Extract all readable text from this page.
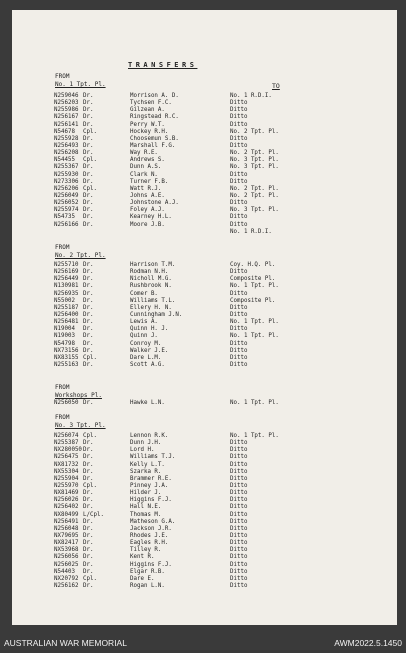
TRANSFERS
TO
FROM
No. 1 Tpt. Pl.
N259046 Dr.	Morrison A. D.	No. 1 R.D.I.
N256203 Dr.	Tychsen F.C.	Ditto
N255986 Dr.	Gilzean A.	Ditto
N256167 Dr.	Ringstead R.C.	Ditto
N256141 Dr.	Perry W.T.	Ditto
N54678 Cpl.	Hockey R.H.	No. 2 Tpt. Pl.
N255928 Dr.	Choosemun S.B.	Ditto
N256493 Dr.	Marshall F.G.	Ditto
N256208 Dr.	Way R.E.	No. 2 Tpt. Pl.
N54455 Cpl.	Andrews S.	No. 3 Tpt. Pl.
N255367 Dr.	Dunn A.S.	No. 3 Tpt. Pl.
N255930 Dr.	Clark N.	Ditto
N273306 Dr.	Turner F.B.	Ditto
N256206 Cpl.	Watt R.J.	No. 2 Tpt. Pl.
N256049 Dr.	Johns A.E.	No. 2 Tpt. Pl.
N256052 Dr.	Johnstone A.J.	Ditto
N255974 Dr.	Foley A.J.	No. 3 Tpt. Pl.
N54735 Dr.	Kearney H.L.	Ditto
N256166 Dr.	Moore J.B.	Ditto
No. 1 R.D.I.
FROM
No. 2 Tpt. Pl.
N255710 Dr.	Harrison T.M.	Coy. H.Q. Pl.
N256169 Dr.	Rodman N.H.	Ditto
N256449 Dr.	Nicholl M.G.	Composite Pl.
N130981 Dr.	Rushbrook N.	No. 1 Tpt. Pl.
N256935 Dr.	Comer B.	Ditto
N55002 Dr.	Williams T.L.	Composite Pl.
N255187 Dr.	Ellery H. N.	Ditto
N256400 Dr.	Cunningham J.N.	Ditto
N256481 Dr.	Lewis A.	No. 1 Tpt. Pl.
N19004 Dr.	Quinn H. J.	Ditto
N19003 Dr.	Quinn J.	No. 1 Tpt. Pl.
N54798 Dr.	Conroy M.	Ditto
NX73156 Dr.	Walker J.E.	Ditto
NX83155 Cpl.	Dare L.M.	Ditto
N255163 Dr.	Scott A.G.	Ditto
FROM
Workshops Pl.
N256050 Dr.	Hawke L.N.	No. 1 Tpt. Pl.
FROM
No. 3 Tpt. Pl.
N256074 Cpl.	Lennon R.K.	No. 1 Tpt. Pl.
N255387 Dr.	Dunn J.H.	Ditto
NX280050 Dr.	Lord H.	Ditto
N256475 Dr.	Williams T.J.	Ditto
NX81732 Dr.	Kelly L.T.	Ditto
NX55304 Dr.	Szarka R.	Ditto
N255904 Dr.	Brammer R.E.	Ditto
N255970 Cpl.	Pinney J.A.	Ditto
NX81469 Dr.	Hilder J.	Ditto
N256026 Dr.	Higgins F.J.	Ditto
N256402 Dr.	Hall N.E.	Ditto
NX80499 L/Cpl.	Thomas M.	Ditto
N256491 Dr.	Matheson G.A.	Ditto
N256048 Dr.	Jackson J.R.	Ditto
NX79695 Dr.	Rhodes J.E.	Ditto
NX82417 Dr.	Eagles R.H.	Ditto
NX53968 Dr.	Tilley R.	Ditto
N256056 Dr.	Kent R.	Ditto
N256025 Dr.	Higgins F.J.	Ditto
N54403 Dr.	Elgar R.B.	Ditto
NX20792 Cpl.	Dare E.	Ditto
N256162 Dr.	Rogan L.N.	Ditto
AUSTRALIAN WAR MEMORIAL	AWM2022.5.1450
